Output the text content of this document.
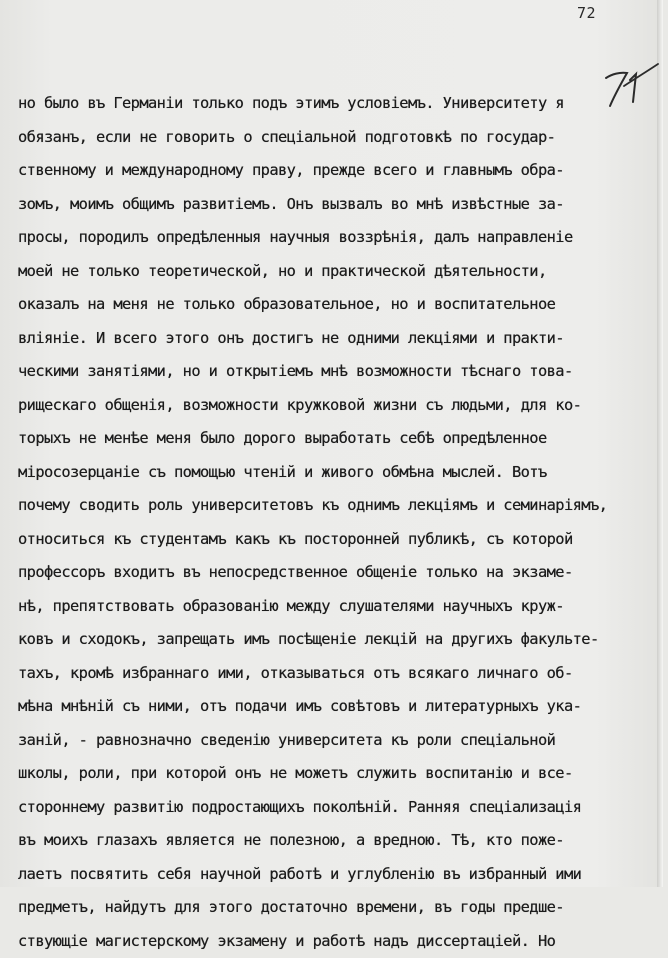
72
но было въ Германіи только подъ этимъ условіемъ. Университету я
обязанъ, если не говорить о спеціальной подготовкѣ по государ-
ственному и международному праву, прежде всего и главнымъ обра-
зомъ, моимъ общимъ развитіемъ. Онъ вызвалъ во мнѣ извѣстные за-
просы, породилъ опредѣленныя научныя воззрѣнія, далъ направленіе
моей не только теоретической, но и практической дѣятельности,
оказалъ на меня не только образовательное, но и воспитательное
вліяніе. И всего этого онъ достигъ не одними лекціями и практи-
ческими занятіями, но и открытіемъ мнѣ возможности тѣснаго това-
рищескаго общенія, возможности кружковой жизни съ людьми, для ко-
торыхъ не менѣе меня было дорого выработать себѣ опредѣленное
міросозерцаніе съ помощью чтеній и живого обмѣна мыслей. Вотъ
почему сводить роль университетовъ къ однимъ лекціямъ и семинаріямъ,
относиться къ студентамъ какъ къ посторонней публикѣ, съ которой
профессоръ входитъ въ непосредственное общеніе только на экзаме-
нѣ, препятствовать образованію между слушателями научныхъ круж-
ковъ и сходокъ, запрещать имъ посѣщеніе лекцій на другихъ факульте-
тахъ, кромѣ избраннаго ими, отказываться отъ всякаго личнаго об-
мѣна мнѣній съ ними, отъ подачи имъ совѣтовъ и литературныхъ ука-
заній, - равнозначно сведенію университета къ роли спеціальной
школы, роли, при которой онъ не можетъ служить воспитанію и все-
стороннему развитію подростающихъ поколѣній. Ранняя спеціализація
въ моихъ глазахъ является не полезною, а вредною. Тѣ, кто поже-
лаетъ посвятить себя научной работѣ и углубленію въ избранный ими
предметъ, найдутъ для этого достаточно времени, въ годы предше-
ствующіе магистерскому экзамену и работѣ надъ диссертаціей. Но
